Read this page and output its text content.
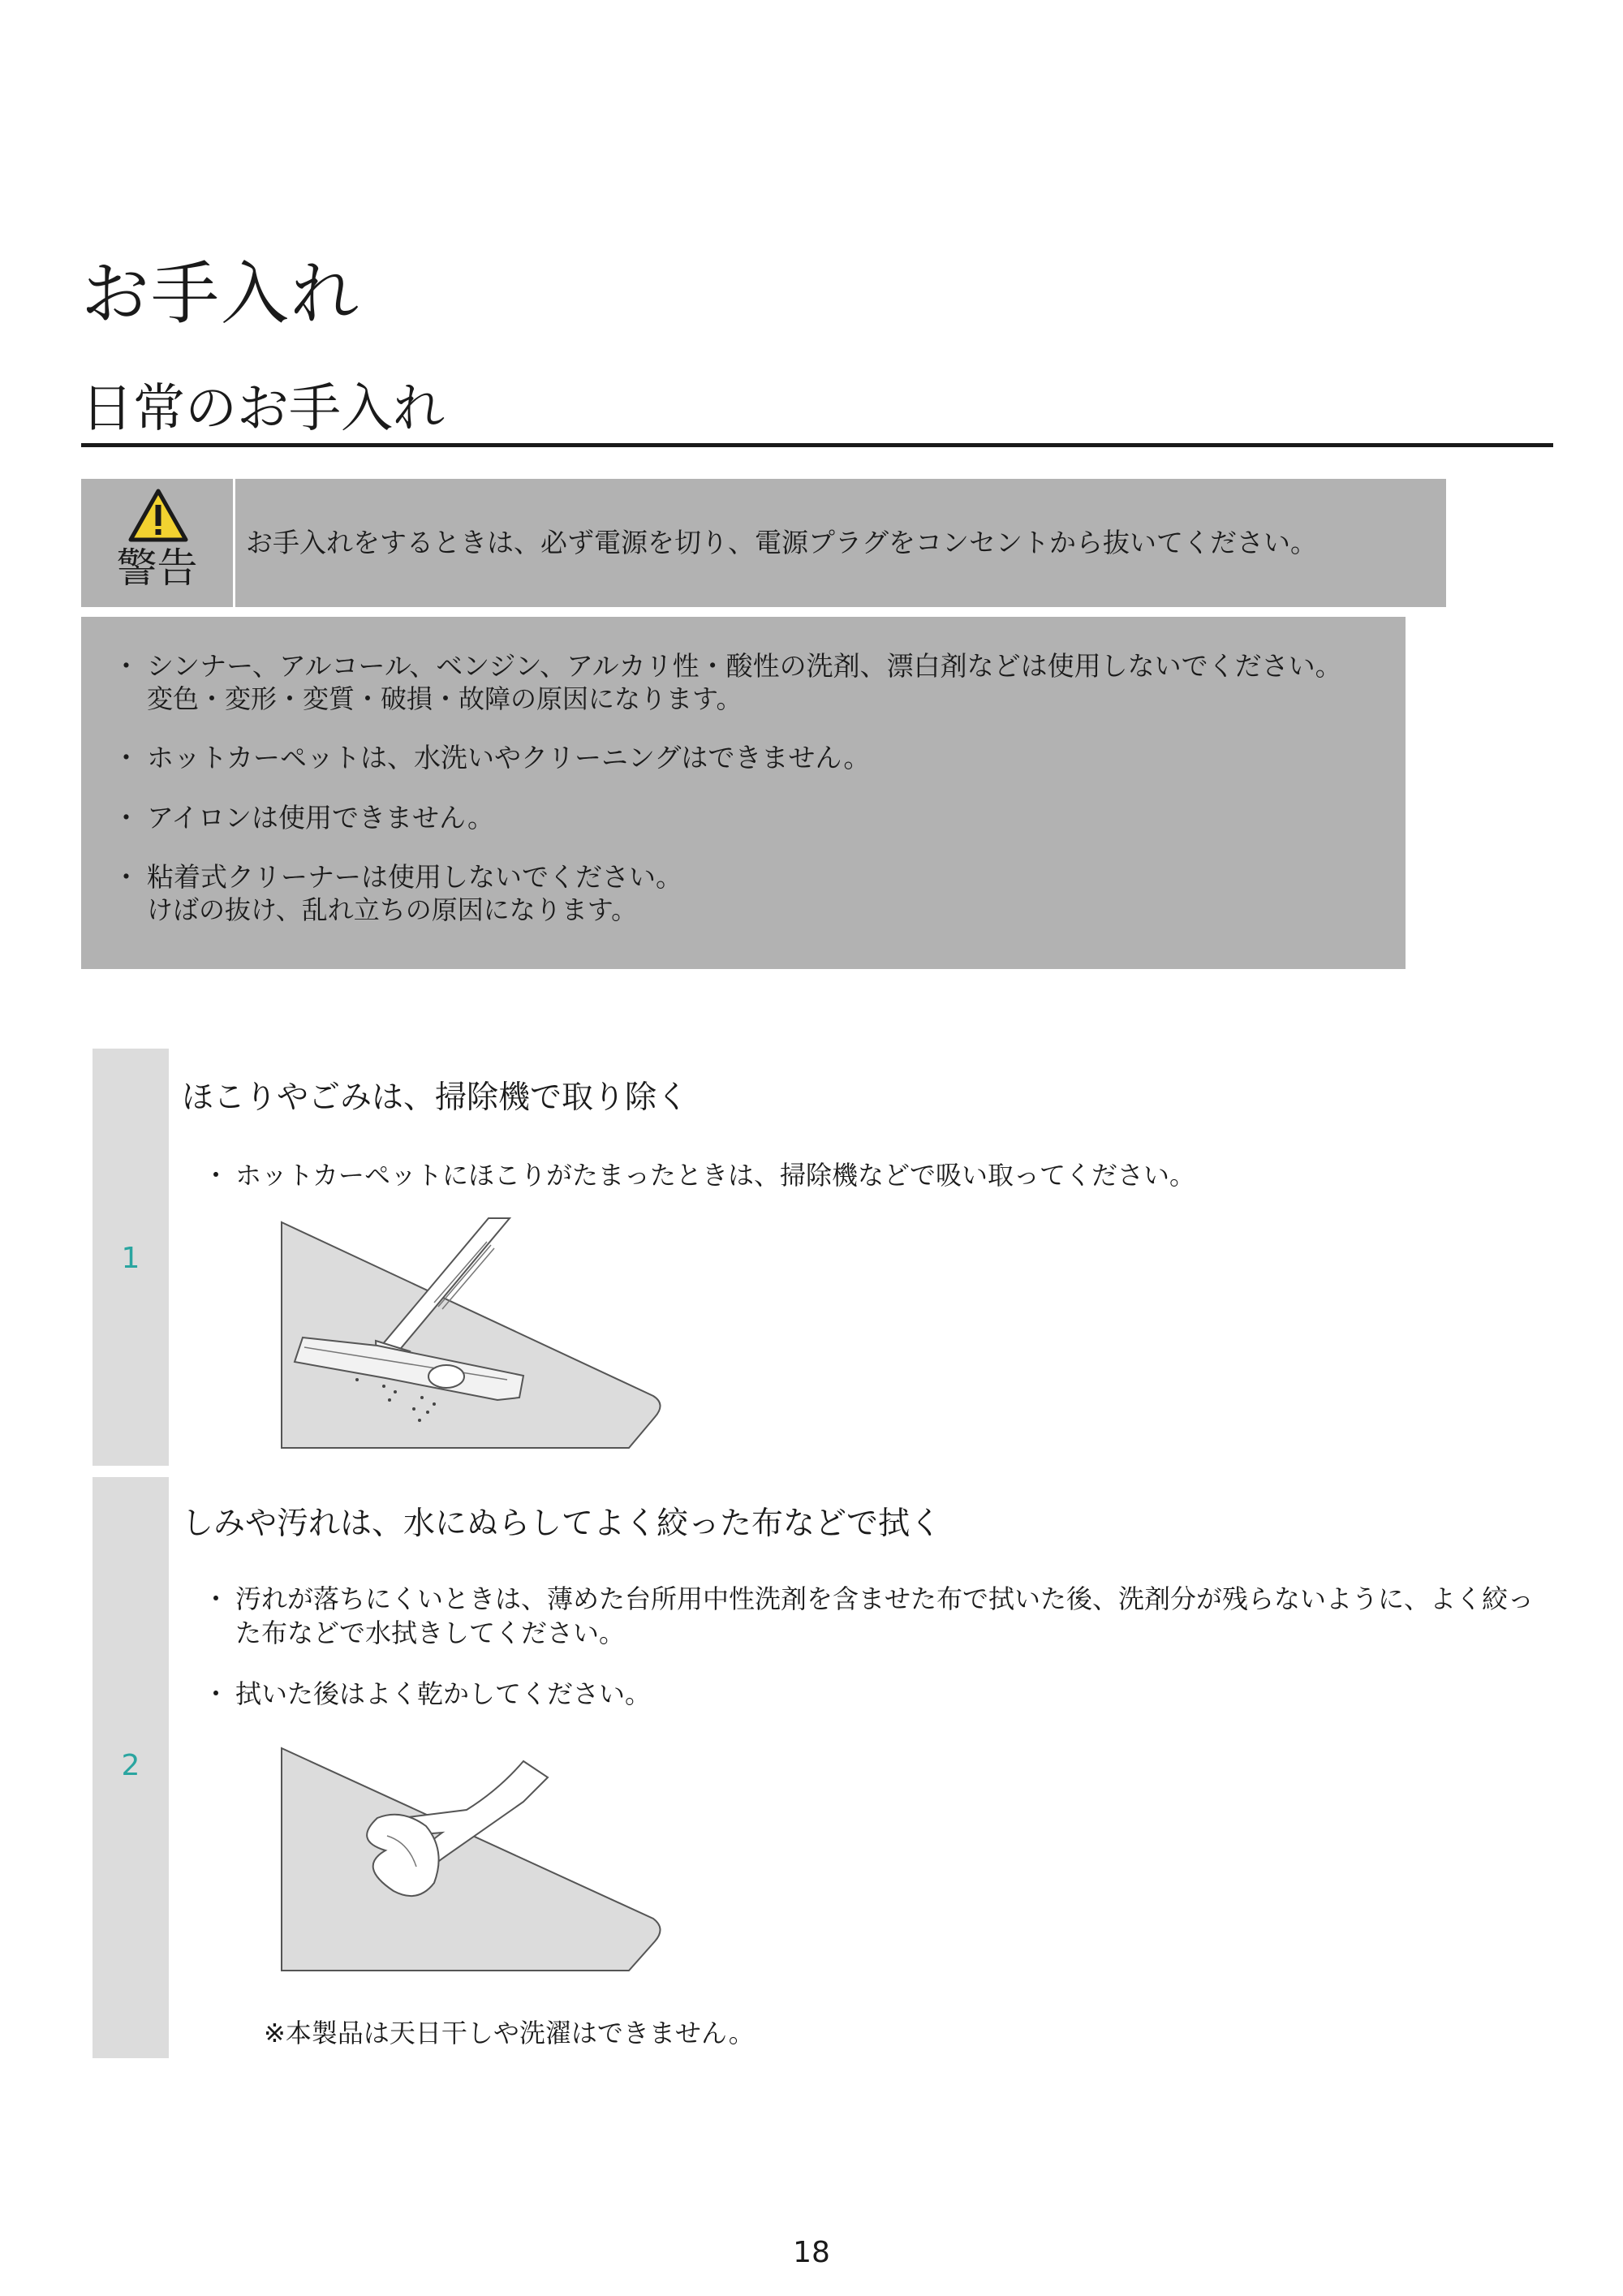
お手入れ
日常のお手入れ
警告
お手入れをするときは、必ず電源を切り、電源プラグをコンセントから抜いてください。
・ シンナー、アルコール、ベンジン、アルカリ性・酸性の洗剤、漂白剤などは使用しないでください。
変色・変形・変質・破損・故障の原因になります。
・ ホットカーペットは、水洗いやクリーニングはできません。
・ アイロンは使用できません。
・ 粘着式クリーナーは使用しないでください。
けばの抜け、乱れ立ちの原因になります。
1
ほこりやごみは、掃除機で取り除く
・ ホットカーペットにほこりがたまったときは、掃除機などで吸い取ってください。
2
しみや汚れは、水にぬらしてよく絞った布などで拭く
・ 汚れが落ちにくいときは、薄めた台所用中性洗剤を含ませた布で拭いた後、洗剤分が残らないように、よく絞った布などで水拭きしてください。
・ 拭いた後はよく乾かしてください。
※本製品は天日干しや洗濯はできません。
18
